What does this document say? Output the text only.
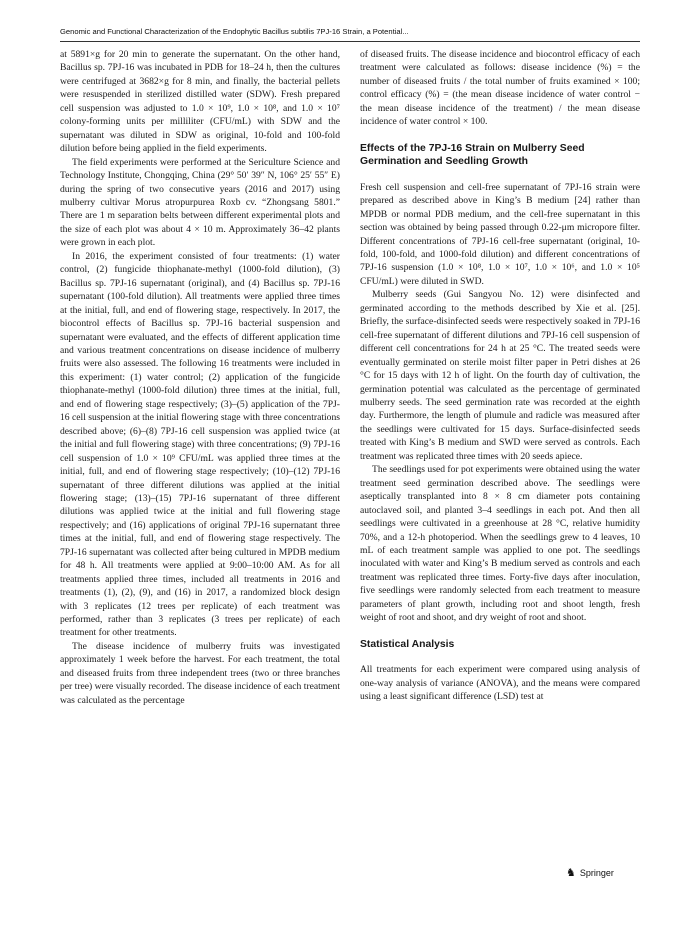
Genomic and Functional Characterization of the Endophytic Bacillus subtilis 7PJ-16 Strain, a Potential...

at 5891×g for 20 min to generate the supernatant. On the other hand, Bacillus sp. 7PJ-16 was incubated in PDB for 18–24 h, then the cultures were centrifuged at 3682×g for 8 min, and finally, the bacterial pellets were resuspended in sterilized distilled water (SDW). Fresh prepared cell suspension was adjusted to 1.0 × 10⁹, 1.0 × 10⁸, and 1.0 × 10⁷ colony-forming units per milliliter (CFU/mL) with SDW and the supernatant was diluted in SDW as original, 10-fold and 100-fold dilution before being applied in the field experiments.

The field experiments were performed at the Sericulture Science and Technology Institute, Chongqing, China (29° 50′ 39″ N, 106° 25′ 55″ E) during the spring of two consecutive years (2016 and 2017) using mulberry cultivar Morus atropurpurea Roxb cv. “Zhongsang 5801.” There are 1 m separation belts between different experimental plots and the size of each plot was about 4 × 10 m. Approximately 36–42 plants were grown in each plot.

In 2016, the experiment consisted of four treatments: (1) water control, (2) fungicide thiophanate-methyl (1000-fold dilution), (3) Bacillus sp. 7PJ-16 supernatant (original), and (4) Bacillus sp. 7PJ-16 supernatant (100-fold dilution). All treatments were applied three times at the initial, full, and end of flowering stage, respectively. In 2017, the biocontrol effects of Bacillus sp. 7PJ-16 bacterial suspension and supernatant were evaluated, and the effects of different application time and various treatment concentrations on disease incidence of mulberry fruits were also assessed. The following 16 treatments were included in this experiment: (1) water control; (2) application of the fungicide thiophanate-methyl (1000-fold dilution) three times at the initial, full, and end of flowering stage respectively; (3)–(5) application of the 7PJ-16 cell suspension at the initial flowering stage with three concentrations described above; (6)–(8) 7PJ-16 cell suspension was applied twice (at the initial and full flowering stage) with three concentrations; (9) 7PJ-16 cell suspension of 1.0 × 10⁹ CFU/mL was applied three times at the initial, full, and end of flowering stage respectively; (10)–(12) 7PJ-16 supernatant of three different dilutions was applied at the initial flowering stage; (13)–(15) 7PJ-16 supernatant of three different dilutions was applied twice at the initial and full flowering stage respectively; and (16) applications of original 7PJ-16 supernatant three times at the initial, full, and end of flowering stage respectively. The 7PJ-16 supernatant was collected after being cultured in MPDB medium for 48 h. All treatments were applied at 9:00–10:00 AM. As for all treatments applied three times, included all treatments in 2016 and treatments (1), (2), (9), and (16) in 2017, a randomized block design with 3 replicates (12 trees per replicate) of each treatment was performed, rather than 3 replicates (3 trees per replicate) of each treatment for other treatments.

The disease incidence of mulberry fruits was investigated approximately 1 week before the harvest. For each treatment, the total and diseased fruits from three independent trees (two or three branches per tree) were visually recorded. The disease incidence of each treatment was calculated as the percentage

of diseased fruits. The disease incidence and biocontrol efficacy of each treatment were calculated as follows: disease incidence (%) = the number of diseased fruits / the total number of fruits examined × 100; control efficacy (%) = (the mean disease incidence of water control − the mean disease incidence of the treatment) / the mean disease incidence of water control × 100.

Effects of the 7PJ-16 Strain on Mulberry Seed Germination and Seedling Growth

Fresh cell suspension and cell-free supernatant of 7PJ-16 strain were prepared as described above in King’s B medium [24] rather than MPDB or normal PDB medium, and the cell-free supernatant in this section was obtained by being passed through 0.22-μm micropore filter. Different concentrations of 7PJ-16 cell-free supernatant (original, 10-fold, 100-fold, and 1000-fold dilution) and different concentrations of 7PJ-16 suspension (1.0 × 10⁸, 1.0 × 10⁷, 1.0 × 10⁶, and 1.0 × 10⁵ CFU/mL) were diluted in SWD.

Mulberry seeds (Gui Sangyou No. 12) were disinfected and germinated according to the methods described by Xie et al. [25]. Briefly, the surface-disinfected seeds were respectively soaked in 7PJ-16 cell-free supernatant of different dilutions and 7PJ-16 cell suspension of different cell concentrations for 24 h at 25 °C. The treated seeds were eventually germinated on sterile moist filter paper in Petri dishes at 26 °C for 15 days with 12 h of light. On the fourth day of cultivation, the germination potential was calculated as the percentage of germinated mulberry seeds. The seed germination rate was recorded at the eighth day. Furthermore, the length of plumule and radicle was measured after the seedlings were cultivated for 15 days. Surface-disinfected seeds treated with King’s B medium and SWD were served as controls. Each treatment was replicated three times with 20 seeds apiece.

The seedlings used for pot experiments were obtained using the water treatment seed germination described above. The seedlings were aseptically transplanted into 8 × 8 cm diameter pots containing autoclaved soil, and planted 3–4 seedlings in each pot. And then all seedlings were cultivated in a greenhouse at 28 °C, relative humidity 70%, and a 12-h photoperiod. When the seedlings grew to 4 leaves, 10 mL of each treatment sample was applied to one pot. The seedlings inoculated with water and King’s B medium served as controls and each treatment was replicated three times. Forty-five days after inoculation, five seedlings were randomly selected from each treatment to measure parameters of plant growth, including root and shoot length, fresh weight of root and shoot, and dry weight of root and shoot.

Statistical Analysis

All treatments for each experiment were compared using analysis of one-way analysis of variance (ANOVA), and the means were compared using a least significant difference (LSD) test at

♞ Springer
